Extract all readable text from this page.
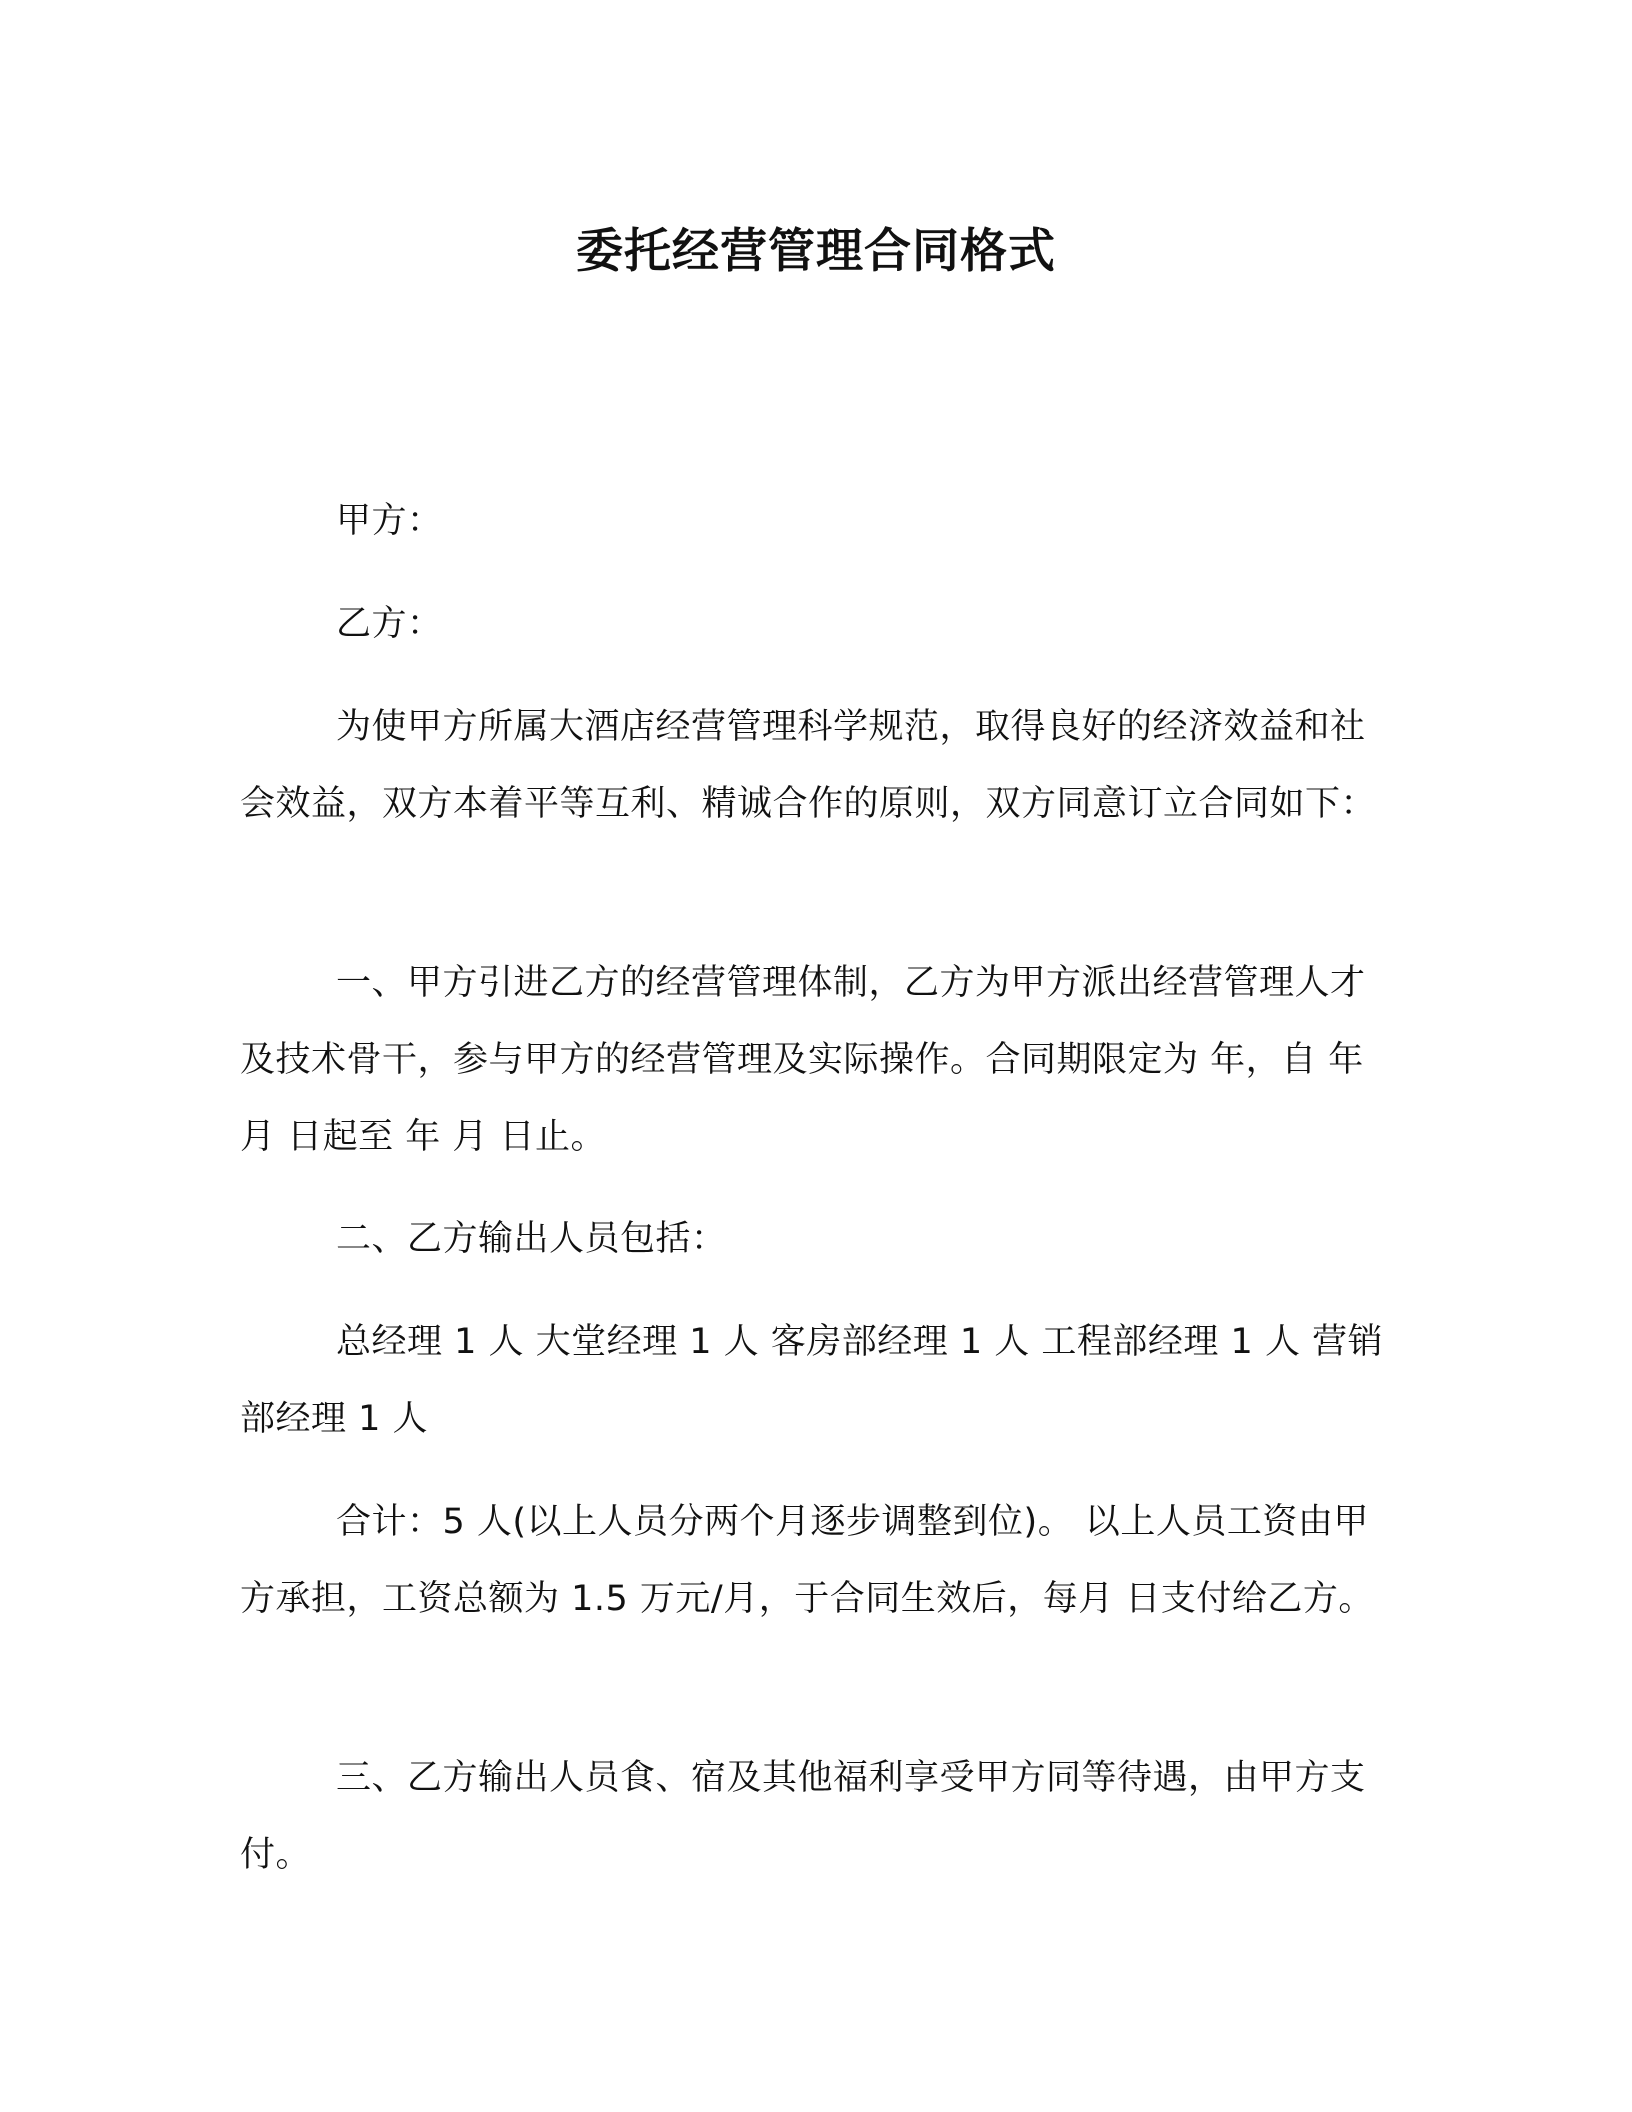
委托经营管理合同格式

甲方：

乙方：

为使甲方所属大酒店经营管理科学规范，取得良好的经济效益和社会效益，双方本着平等互利、精诚合作的原则，双方同意订立合同如下：

一、甲方引进乙方的经营管理体制，乙方为甲方派出经营管理人才及技术骨干，参与甲方的经营管理及实际操作。合同期限定为 年，自 年 月 日起至 年 月 日止。

二、乙方输出人员包括：

总经理 1 人 大堂经理 1 人 客房部经理 1 人 工程部经理 1 人 营销部经理 1 人

合计：5 人(以上人员分两个月逐步调整到位)。 以上人员工资由甲方承担，工资总额为 1.5 万元/月，于合同生效后，每月 日支付给乙方。

三、乙方输出人员食、宿及其他福利享受甲方同等待遇，由甲方支付。
